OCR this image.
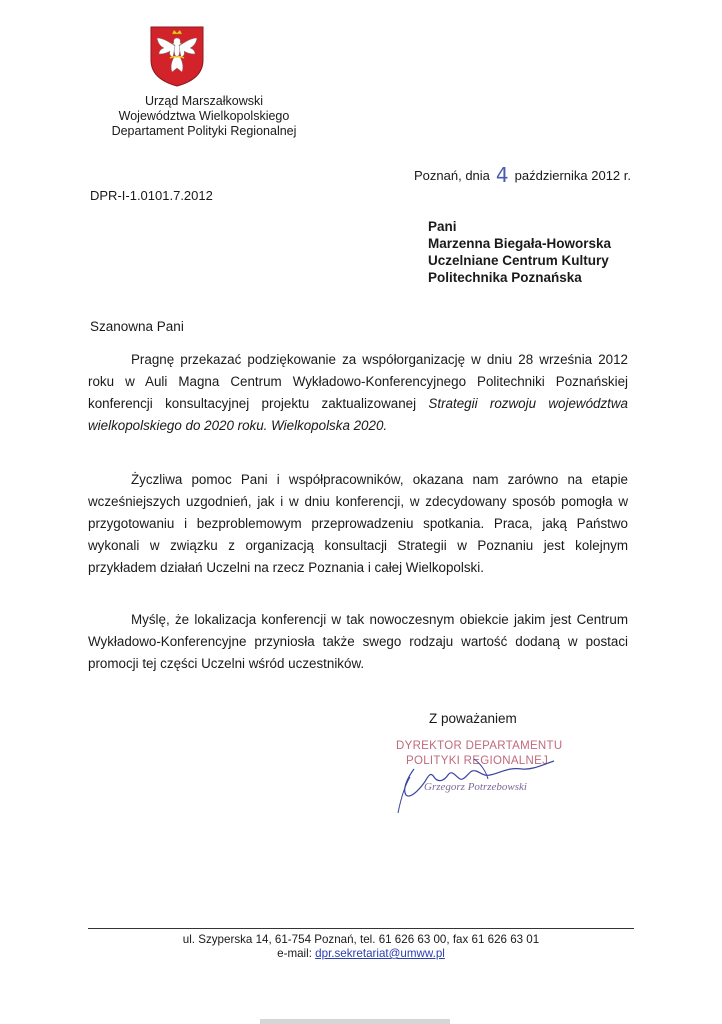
Urząd Marszałkowski
Województwa Wielkopolskiego
Departament Polityki Regionalnej
Poznań, dnia 4 października 2012 r.
DPR-I-1.0101.7.2012
Pani
Marzenna Biegała-Howorska
Uczelniane Centrum Kultury
Politechnika Poznańska
Szanowna Pani

Pragnę przekazać podziękowanie za współorganizację w dniu 28 września 2012 roku w Auli Magna Centrum Wykładowo-Konferencyjnego Politechniki Poznańskiej konferencji konsultacyjnej projektu zaktualizowanej Strategii rozwoju województwa wielkopolskiego do 2020 roku. Wielkopolska 2020.

Życzliwa pomoc Pani i współpracowników, okazana nam zarówno na etapie wcześniejszych uzgodnień, jak i w dniu konferencji, w zdecydowany sposób pomogła w przygotowaniu i bezproblemowym przeprowadzeniu spotkania. Praca, jaką Państwo wykonali w związku z organizacją konsultacji Strategii w Poznaniu jest kolejnym przykładem działań Uczelni na rzecz Poznania i całej Wielkopolski.

Myślę, że lokalizacja konferencji w tak nowoczesnym obiekcie jakim jest Centrum Wykładowo-Konferencyjne przyniosła także swego rodzaju wartość dodaną w postaci promocji tej części Uczelni wśród uczestników.

Z poważaniem
DYREKTOR DEPARTAMENTU
POLITYKI REGIONALNEJ
Grzegorz Potrzebowski
ul. Szyperska 14, 61-754 Poznań, tel. 61 626 63 00, fax 61 626 63 01
e-mail: dpr.sekretariat@umww.pl
